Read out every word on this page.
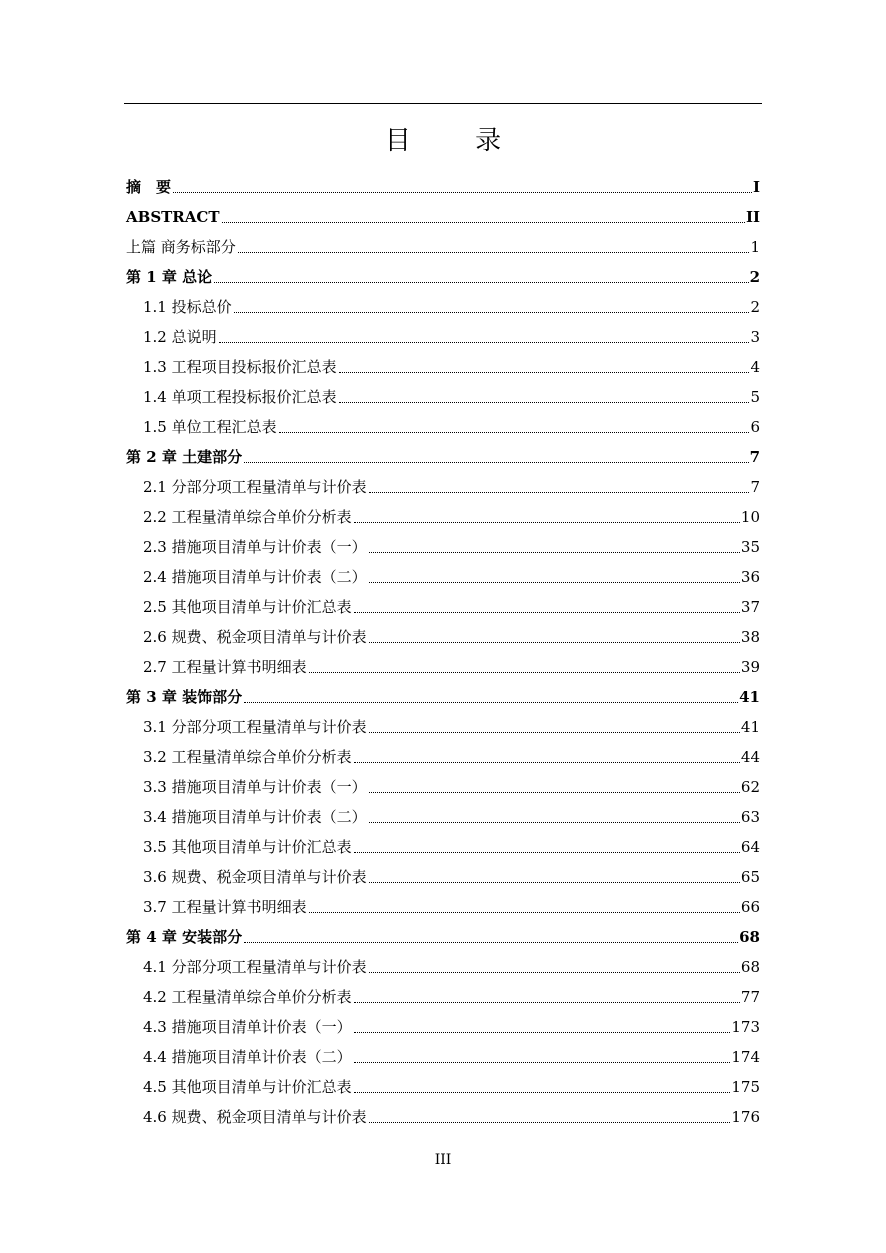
目 录
摘　要	I
ABSTRACT	II
上篇 商务标部分	1
第 1 章 总论	2
1.1 投标总价	2
1.2 总说明	3
1.3 工程项目投标报价汇总表	4
1.4 单项工程投标报价汇总表	5
1.5 单位工程汇总表	6
第 2 章 土建部分	7
2.1 分部分项工程量清单与计价表	7
2.2 工程量清单综合单价分析表	10
2.3 措施项目清单与计价表（一）	35
2.4 措施项目清单与计价表（二）	36
2.5 其他项目清单与计价汇总表	37
2.6 规费、税金项目清单与计价表	38
2.7 工程量计算书明细表	39
第 3 章 装饰部分	41
3.1 分部分项工程量清单与计价表	41
3.2 工程量清单综合单价分析表	44
3.3 措施项目清单与计价表（一）	62
3.4 措施项目清单与计价表（二）	63
3.5 其他项目清单与计价汇总表	64
3.6 规费、税金项目清单与计价表	65
3.7 工程量计算书明细表	66
第 4 章 安装部分	68
4.1 分部分项工程量清单与计价表	68
4.2 工程量清单综合单价分析表	77
4.3 措施项目清单计价表（一）	173
4.4 措施项目清单计价表（二）	174
4.5 其他项目清单与计价汇总表	175
4.6 规费、税金项目清单与计价表	176
III
